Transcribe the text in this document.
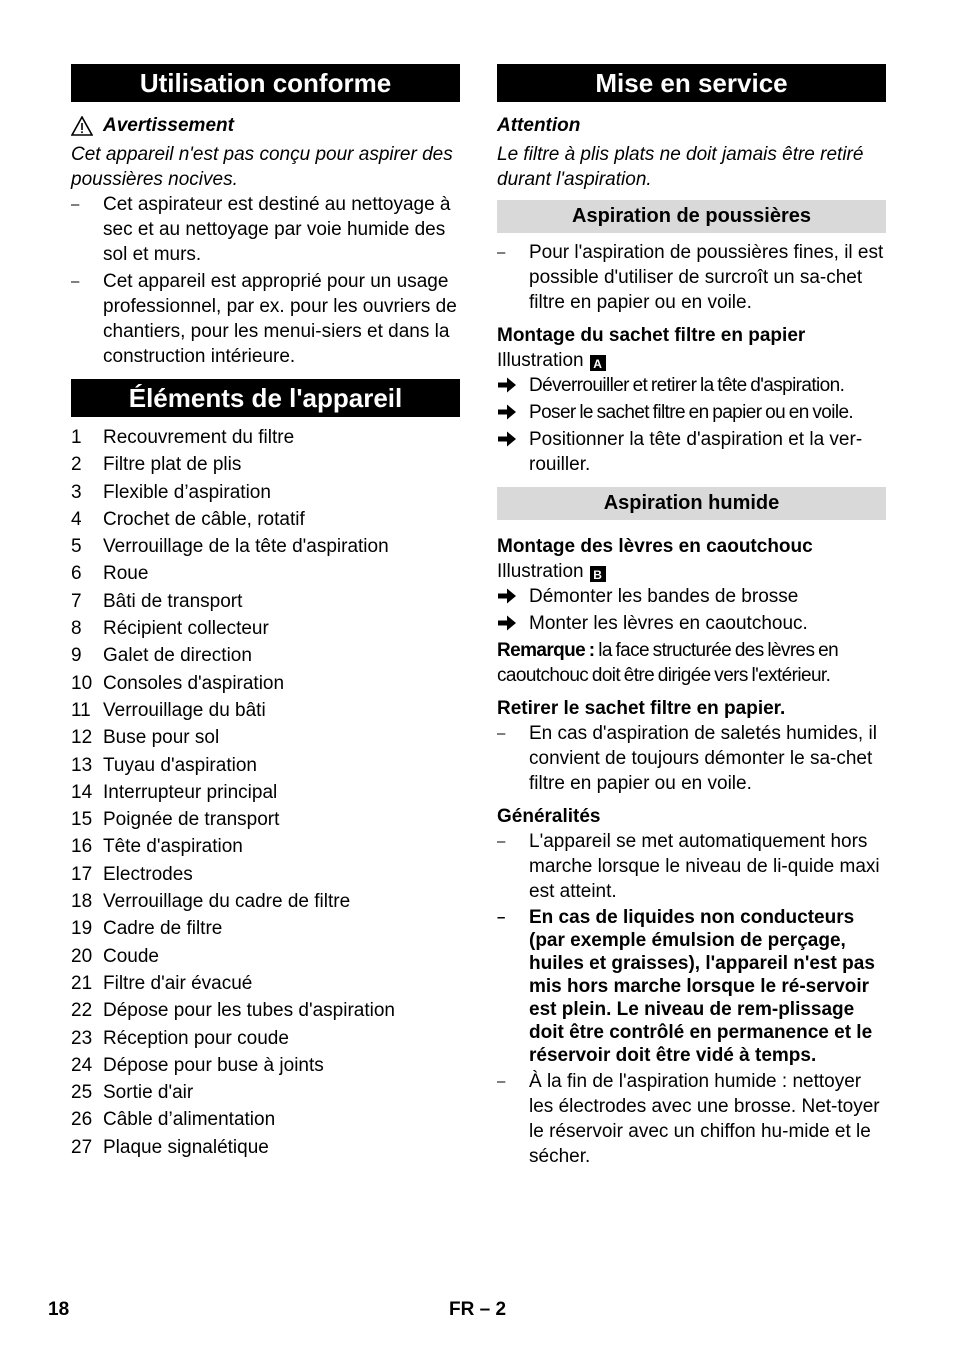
Utilisation conforme
Avertissement
Cet appareil n'est pas conçu pour aspirer des poussières nocives.
– Cet aspirateur est destiné au nettoyage à sec et au nettoyage par voie humide des sol et murs.
– Cet appareil est approprié pour un usage professionnel, par ex. pour les ouvriers de chantiers, pour les menui-siers et dans la construction intérieure.
Éléments de l'appareil
1	Recouvrement du filtre
2	Filtre plat de plis
3	Flexible d’aspiration
4	Crochet de câble, rotatif
5	Verrouillage de la tête d'aspiration
6	Roue
7	Bâti de transport
8	Récipient collecteur
9	Galet de direction
10 Consoles d'aspiration
11 Verrouillage du bâti
12 Buse pour sol
13 Tuyau d'aspiration
14 Interrupteur principal
15 Poignée de transport
16 Tête d'aspiration
17 Electrodes
18 Verrouillage du cadre de filtre
19 Cadre de filtre
20 Coude
21 Filtre d'air évacué
22 Dépose pour les tubes d'aspiration
23 Réception pour coude
24 Dépose pour buse à joints
25 Sortie d'air
26 Câble d’alimentation
27 Plaque signalétique
Mise en service
Attention
Le filtre à plis plats ne doit jamais être retiré durant l'aspiration.
Aspiration de poussières
– Pour l'aspiration de poussières fines, il est possible d'utiliser de surcroît un sa-chet filtre en papier ou en voile.
Montage du sachet filtre en papier
Illustration A
Déverrouiller et retirer la tête d'aspiration.
Poser le sachet filtre en papier ou en voile.
Positionner la tête d'aspiration et la ver-rouiller.
Aspiration humide
Montage des lèvres en caoutchouc
Illustration B
Démonter les bandes de brosse
Monter les lèvres en caoutchouc.
Remarque : la face structurée des lèvres en caoutchouc doit être dirigée vers l'extérieur.
Retirer le sachet filtre en papier.
– En cas d'aspiration de saletés humides, il convient de toujours démonter le sa-chet filtre en papier ou en voile.
Généralités
– L'appareil se met automatiquement hors marche lorsque le niveau de li-quide maxi est atteint.
– En cas de liquides non conducteurs (par exemple émulsion de perçage, huiles et graisses), l'appareil n'est pas mis hors marche lorsque le ré-servoir est plein. Le niveau de rem-plissage doit être contrôlé en permanence et le réservoir doit être vidé à temps.
– À la fin de l'aspiration humide : nettoyer les électrodes avec une brosse. Net-toyer le réservoir avec un chiffon hu-mide et le sécher.
18	FR – 2
